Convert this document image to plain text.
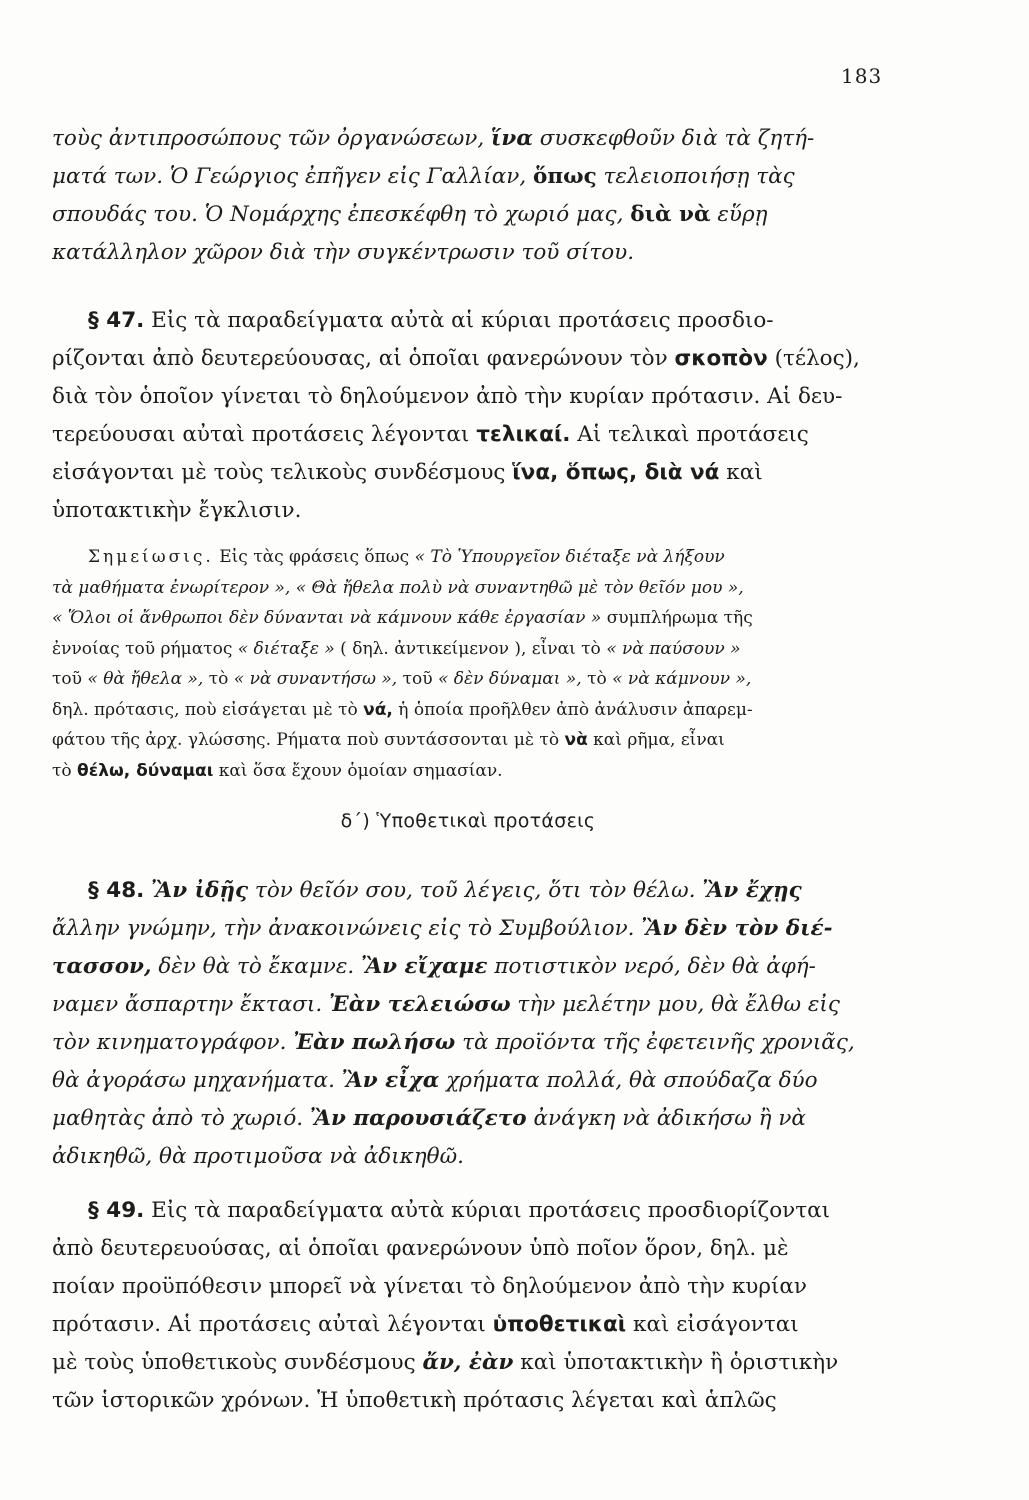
183
τοὺς ἀντιπροσώπους τῶν ὀργανώσεων, ἵνα συσκεφθοῦν διὰ τὰ ζητή-
ματά των. Ὁ Γεώργιος ἐπῆγεν εἰς Γαλλίαν, ὅπως τελειοποιήσῃ τὰς
σπουδάς του. Ὁ Νομάρχης ἐπεσκέφθη τὸ χωριό μας, διὰ νὰ εὕρῃ
κατάλληλον χῶρον διὰ τὴν συγκέντρωσιν τοῦ σίτου.
§ 47. Εἰς τὰ παραδείγματα αὐτὰ αἱ κύριαι προτάσεις προσδιο-
ρίζονται ἀπὸ δευτερεύουσας, αἱ ὁποῖαι φανερώνουν τὸν σκοπὸν (τέλος),
διὰ τὸν ὁποῖον γίνεται τὸ δηλούμενον ἀπὸ τὴν κυρίαν πρότασιν. Αἱ δευ-
τερεύουσαι αὐταὶ προτάσεις λέγονται τελικαί. Αἱ τελικαὶ προτάσεις
εἰσάγονται μὲ τοὺς τελικοὺς συνδέσμους ἵνα, ὅπως, διὰ νά καὶ
ὑποτακτικὴν ἔγκλισιν.
Σημείωσις. Εἰς τὰς φράσεις ὅπως « Τὸ Ὑπουργεῖον διέταξε νὰ λήξουν
τὰ μαθήματα ἐνωρίτερον », « Θὰ ἤθελα πολὺ νὰ συναντηθῶ μὲ τὸν θεῖόν μου »,
« Ὅλοι οἱ ἄνθρωποι δὲν δύνανται νὰ κάμνουν κάθε ἐργασίαν » συμπλήρωμα τῆς
ἐννοίας τοῦ ρήματος « διέταξε » ( δηλ. ἀντικείμενον ), εἶναι τὸ « νὰ παύσουν »
τοῦ « θὰ ἤθελα », τὸ « νὰ συναντήσω », τοῦ « δὲν δύναμαι », τὸ « νὰ κάμνουν »,
δηλ. πρότασις, ποὺ εἰσάγεται μὲ τὸ νά, ἡ ὁποία προῆλθεν ἀπὸ ἀνάλυσιν ἀπαρεμ-
φάτου τῆς ἀρχ. γλώσσης. Ρήματα ποὺ συντάσσονται μὲ τὸ νὰ καὶ ρῆμα, εἶναι
τὸ θέλω, δύναμαι καὶ ὅσα ἔχουν ὁμοίαν σημασίαν.
δ΄) Ὑποθετικαὶ προτάσεις
§ 48. Ἂν ἰδῇς τὸν θεῖόν σου, τοῦ λέγεις, ὅτι τὸν θέλω. Ἂν ἔχῃς
ἄλλην γνώμην, τὴν ἀνακοινώνεις εἰς τὸ Συμβούλιον. Ἂν δὲν τὸν διέ-
τασσον, δὲν θὰ τὸ ἔκαμνε. Ἂν εἴχαμε ποτιστικὸν νερό, δὲν θὰ ἀφή-
ναμεν ἄσπαρτην ἔκτασι. Ἐὰν τελειώσω τὴν μελέτην μου, θὰ ἔλθω εἰς
τὸν κινηματογράφον. Ἐὰν πωλήσω τὰ προϊόντα τῆς ἐφετεινῆς χρονιᾶς,
θὰ ἀγοράσω μηχανήματα. Ἂν εἶχα χρήματα πολλά, θὰ σπούδαζα δύο
μαθητὰς ἀπὸ τὸ χωριό. Ἂν παρουσιάζετο ἀνάγκη νὰ ἀδικήσω ἢ νὰ
ἀδικηθῶ, θὰ προτιμοῦσα νὰ ἀδικηθῶ.
§ 49. Εἰς τὰ παραδείγματα αὐτὰ κύριαι προτάσεις προσδιορίζονται
ἀπὸ δευτερευούσας, αἱ ὁποῖαι φανερώνουν ὑπὸ ποῖον ὅρον, δηλ. μὲ
ποίαν προϋπόθεσιν μπορεῖ νὰ γίνεται τὸ δηλούμενον ἀπὸ τὴν κυρίαν
πρότασιν. Αἱ προτάσεις αὐταὶ λέγονται ὑποθετικαὶ καὶ εἰσάγονται
μὲ τοὺς ὑποθετικοὺς συνδέσμους ἄν, ἐὰν καὶ ὑποτακτικὴν ἢ ὁριστικὴν
τῶν ἱστορικῶν χρόνων. Ἡ ὑποθετικὴ πρότασις λέγεται καὶ ἁπλῶς
